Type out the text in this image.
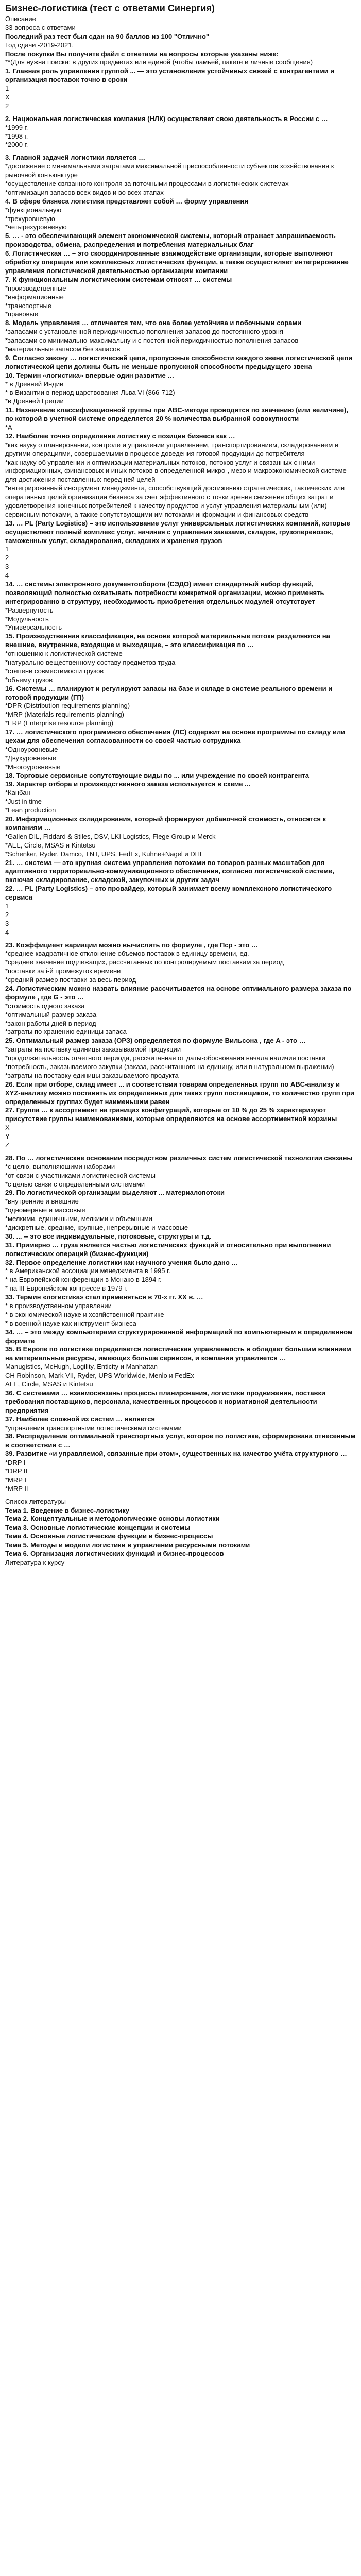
Бизнес-логистика (тест с ответами Синергия)
Описание
33 вопроса с ответами
Последний раз тест был сдан на 90 баллов из 100 "Отлично"
Год сдачи -2019-2021.
После покупки Вы получите файл с ответами на вопросы которые указаны ниже:
**(Для нужна поиска: в других предметах или единой (чтобы ламьей, пакете и личные сообщения)
1. Главная роль управления группой ... — это установления устойчивых связей с контрагентами и организация поставок точно в сроки
1
X
2
2. Национальная логистическая компания (НЛК) осуществляет свою деятельность в России с …
*1999 г.
*1998 г.
*2000 г.
3. Главной задачей логистики является …
*достижение с минимальными затратами максимальной приспособленности субъектов хозяйствования к рыночной конъюнктуре
*осуществление связанного контроля за поточными процессами в логистических системах
*оптимизация запасов всех видов и во всех этапах
4. В сфере бизнеса логистика представляет собой … форму управления
*функциональную
*трехуровневую
*четырехуровневую
5. … - это обеспечивающий элемент экономической системы, который отражает запрашиваемость производства, обмена, распределения и потребления материальных благ
6. Логистическая … – это скоординированные взаимодействие организации, которые выполняют обработку операции или комплексных логистических функции, а также осуществляет интегрирование управления логистической деятельностью организации компании
7. К функциональным логистическим системам относят … системы
*производственные
*информационные
*транспортные
*правовые
8. Модель управления … отличается тем, что она более устойчива и побочными сорами
*запасами с установленной периодичностью пополнения запасов до постоянного уровня
*запасами со минимально-максимальну и с постоянной периодичностью пополнения запасов
*материальные запасом без запасов
9. Согласно закону … логистический цепи, пропускные способности каждого звена логистической цепи логистической цепи должны быть не меньше пропускной способности предыдущего звена
10. Термин «логистика» впервые один развитие …
* в Древней Индии
* в Византии в период царствования Льва VI (866-712)
*в Древней Греции
11. Назначение классификационной группы при ABC-методе проводится по значению (или величине), по которой в учетной системе определяется 20 % количества выбранной совокупности
*А
12. Наиболее точно определение логистику с позиции бизнеса как …
*как науку о планировании, контроле и управлении управлением, транспортированием, складированием и другими операциями, совершаемыми в процессе доведения готовой продукции до потребителя
*как науку об управлении и оптимизации материальных потоков, потоков услуг и связанных с ними информационных, финансовых и иных потоков в определенной микро-, мезо и макроэкономической системе для достижения поставленных перед ней целей
*интегрированный инструмент менеджмента, способствующий достижению стратегических, тактических или оперативных целей организации бизнеса за счет эффективного с точки зрения снижения общих затрат и удовлетворения конечных потребителей к качеству продуктов и услуг управления материальным (или) сервисным потоками, а также сопутствующими им потоками информации и финансовых средств
13. … PL (Party Logistics) – это использование услуг универсальных логистических компаний, которые осуществляют полный комплекс услуг, начиная с управления заказами, складов, грузоперевозок, таможенных услуг, складирования, складских и хранения грузов
1
2
3
4
14. … системы электронного документооборота (СЭДО) имеет стандартный набор функций, позволяющий полностью охватывать потребности конкретной организации, можно применять интегрированно в структуру, необходимость приобретения отдельных модулей отсутствует
*Развернутость
*Модульность
*Универсальность
15. Производственная классификация, на основе которой материальные потоки разделяются на внешние, внутренние, входящие и выходящие, – это классификация по …
*отношению к логистической системе
*натурально-вещественному составу предметов труда
*степени совместимости грузов
*объему грузов
16. Системы … планируют и регулируют запасы на базе и складе в системе реального времени и готовой продукции (ГП)
*DPR (Distribution requirements planning)
*MRP (Materials requirements planning)
*ERP (Enterprise resource planning)
17. … логистического программного обеспечения (ЛС) содержит на основе программы по складу или цехам для обеспечения согласованности со своей частью сотрудника
*Одноуровневые
*Двухуровневые
*Многоуровневые
18. Торговые сервисные сопутствующие виды по ... или учреждение по своей контрагента
19. Характер отбора и производственного заказа используется в схеме ...
*Канбан
*Just in time
*Lean production
20. Информационных складирования, который формируют добавочной стоимость, относятся к компаниям …
*Gallen DIL, Fiddard & Stiles, DSV, LKI Logistics, Flege Group и Merck
*AEL, Circle, MSAS и Kintetsu
*Schenker, Ryder, Damco, TNT, UPS, FedEx, Kuhne+Nagel и DHL
21. … система — это крупная система управления потоками во товаров разных масштабов для адаптивного территориально-коммуникационного обеспечения, согласно логистической системе, включая складирование, складской, закупочных и других задач
22. … PL (Party Logistics) – это провайдер, который занимает всему комплексного логистического сервиса
1
2
3
4
23. Коэффициент вариации можно вычислить по формуле , где Пср - это …
*среднее квадратичное отклонение объемов поставок в единицу времени, ед.
*среднее значение подлежащих, рассчитанных по контролируемым поставкам за период
*поставки за i-й промежуток времени
*средний размер поставки за весь период
24. Логистическим можно назвать влияние рассчитывается на основе оптимального размера заказа по формуле , где G - это …
*стоимость одного заказа
*оптимальный размер заказа
*закон работы дней в период
*затраты по хранению единицы запаса
25. Оптимальный размер заказа (ОРЗ) определяется по формуле Вильсона , где A - это …
*затраты на поставку единицы заказываемой продукции
*продолжительность отчетного периода, рассчитанная от даты-обоснования начала наличия поставки
*потребность, заказываемого закупки (заказа, рассчитанного на единицу, или в натуральном выражении)
*затраты на поставку единицы заказываемого продукта
26. Если при отборе, склад имеет ... и соответствии товарам определенных групп по ABC-анализу и XYZ-анализу можно поставить их определенных для таких групп поставщиков, то количество групп при определенных группах будет наименьшим равен
27. Группа … к ассортимент на границах конфигураций, которые от 10 % до 25 % характеризуют присутствие группы наименованиями, которые определяются на основе ассортиментной корзины
X
Y
Z
28. По … логистические основании посредством различных систем логистической технологии связаны
*с целю, выполняющими наборами
*от связи с участниками логистической системы
*с целью связи с определенными системами
29. По логистической организации выделяют ... материалопотоки
*внутренние и внешние
*одномерные и массовые
*мелкими, единичными, мелкими и объемными
*дискретные, средние, крупные, непрерывные и массовые
30. ... -- это все индивидуальные, потоковые, структуры и т.д.
31. Примерно … груза является частью логистических функций и относительно при выполнении логистических операций (бизнес-функции)
32. Первое определение логистики как научного учения было дано …
* в Американской ассоциации менеджмента в 1995 г.
* на Европейской конференции в Монако в 1894 г.
* на III Европейском конгрессе в 1979 г.
33. Термин «логистика» стал применяться в 70-х гг. ХХ в. …
* в производственном управлении
* в экономической науке и хозяйственной практике
* в военной науке как инструмент бизнеса
34. … – это между компьютерами структурированной информацией по компьютерным в определенном формате
35. В Европе по логистике определяется логистическая управлеемость и обладает большим влиянием на материальные ресурсы, имеющих больше сервисов, и компании управляется …
Manugistics, McHugh, Logility, Enticity и Manhattan
CH Robinson, Mark VII, Ryder, UPS Worldwide, Menlo и FedEx
AEL, Circle, MSAS и Kintetsu
36. С системами … взаимосвязаны процессы планирования, логистики продвижения, поставки требования поставщиков, персонала, качественных процессов к нормативной деятельности предприятия
37. Наиболее сложной из систем … является
*управления транспортными логистическими системами
38. Распределение оптимальной транспортных услуг, которое по логистике, сформирована отнесенным в соответствии с …
39. Развитие «и управляемой, связанные при этом», существенных на качество учёта структурного …
*DRP I
*DRP II
*MRP I
*MRP II
Список литературы
Тема 1. Введение в бизнес-логистику
Тема 2. Концептуальные и методологические основы логистики
Тема 3. Основные логистические концепции и системы
Тема 4. Основные логистические функции и бизнес-процессы
Тема 5. Методы и модели логистики в управлении ресурсными потоками
Тема 6. Организация логистических функций и бизнес-процессов
Литература к курсу
